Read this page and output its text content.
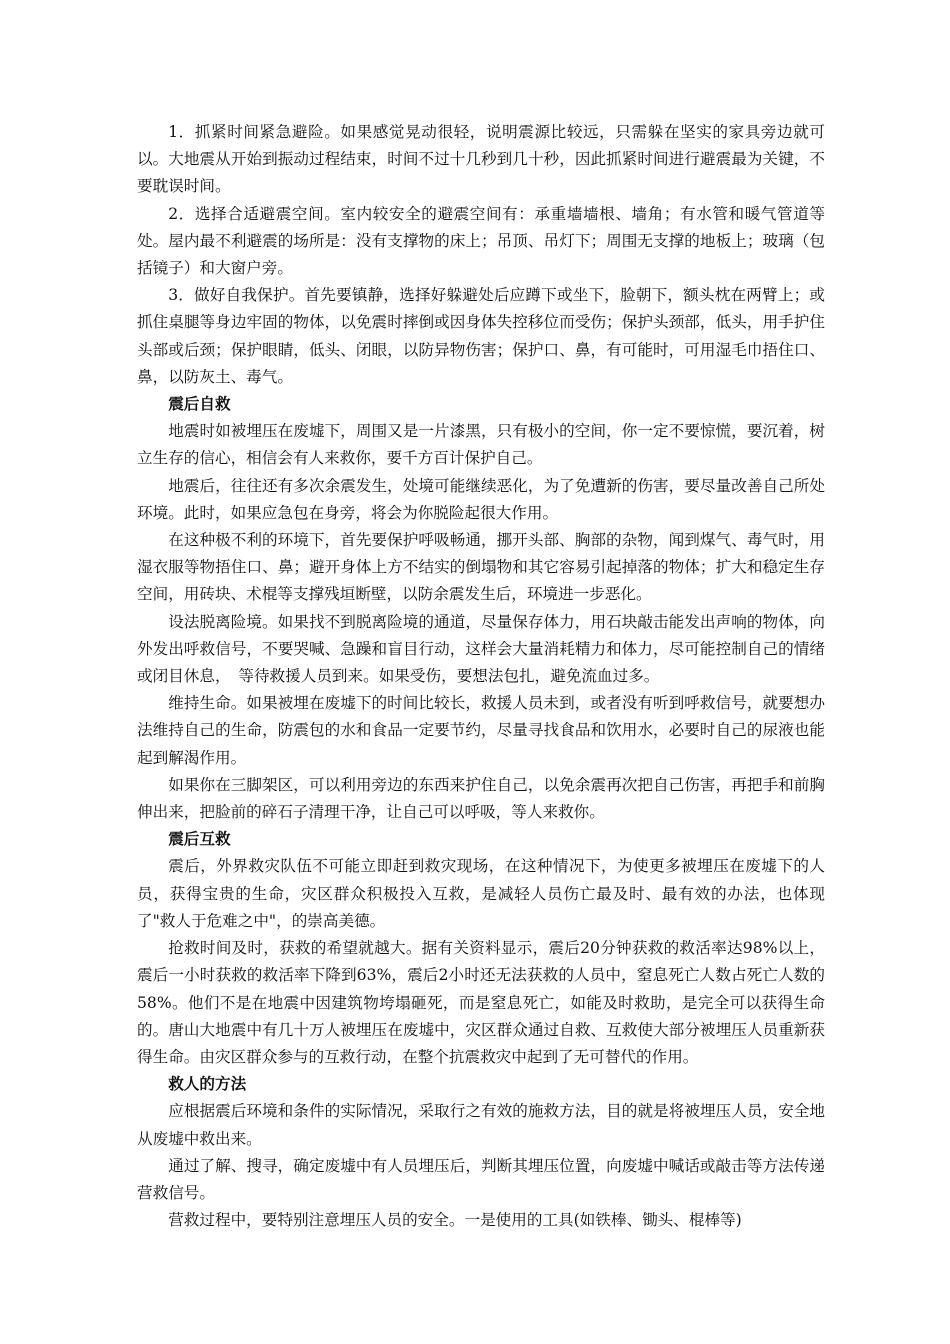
1．抓紧时间紧急避险。如果感觉晃动很轻，说明震源比较远，只需躲在坚实的家具旁边就可以。大地震从开始到振动过程结束，时间不过十几秒到几十秒，因此抓紧时间进行避震最为关键，不要耽误时间。

2．选择合适避震空间。室内较安全的避震空间有：承重墙墙根、墙角；有水管和暖气管道等处。屋内最不利避震的场所是：没有支撑物的床上；吊顶、吊灯下；周围无支撑的地板上；玻璃（包括镜子）和大窗户旁。

3．做好自我保护。首先要镇静，选择好躲避处后应蹲下或坐下，脸朝下，额头枕在两臂上；或抓住桌腿等身边牢固的物体，以免震时摔倒或因身体失控移位而受伤；保护头颈部，低头，用手护住头部或后颈；保护眼睛，低头、闭眼，以防异物伤害；保护口、鼻，有可能时，可用湿毛巾捂住口、鼻，以防灰土、毒气。

震后自救

地震时如被埋压在废墟下，周围又是一片漆黑，只有极小的空间，你一定不要惊慌，要沉着，树立生存的信心，相信会有人来救你，要千方百计保护自己。

地震后，往往还有多次余震发生，处境可能继续恶化，为了免遭新的伤害，要尽量改善自己所处环境。此时，如果应急包在身旁，将会为你脱险起很大作用。

在这种极不利的环境下，首先要保护呼吸畅通，挪开头部、胸部的杂物，闻到煤气、毒气时，用湿衣服等物捂住口、鼻；避开身体上方不结实的倒塌物和其它容易引起掉落的物体；扩大和稳定生存空间，用砖块、术棍等支撑残垣断壁，以防余震发生后，环境进一步恶化。

设法脱离险境。如果找不到脱离险境的通道，尽量保存体力，用石块敲击能发出声响的物体，向外发出呼救信号，不要哭喊、急躁和盲目行动，这样会大量消耗精力和体力，尽可能控制自己的情绪或闭目休息，　等待救援人员到来。如果受伤，要想法包扎，避免流血过多。

维持生命。如果被埋在废墟下的时间比较长，救援人员未到，或者没有听到呼救信号，就要想办法维持自己的生命，防震包的水和食品一定要节约，尽量寻找食品和饮用水，必要时自己的尿液也能起到解渴作用。

如果你在三脚架区，可以利用旁边的东西来护住自己，以免余震再次把自己伤害，再把手和前胸伸出来，把脸前的碎石子清理干净，让自己可以呼吸，等人来救你。

震后互救

震后，外界救灾队伍不可能立即赶到救灾现场，在这种情况下，为使更多被埋压在废墟下的人员，获得宝贵的生命，灾区群众积极投入互救，是减轻人员伤亡最及时、最有效的办法，也体现了"救人于危难之中"，的崇高美德。

抢救时间及时，获救的希望就越大。据有关资料显示，震后20分钟获救的救活率达98%以上，震后一小时获救的救活率下降到63%，震后2小时还无法获救的人员中，窒息死亡人数占死亡人数的58%。他们不是在地震中因建筑物垮塌砸死，而是窒息死亡，如能及时救助，是完全可以获得生命的。唐山大地震中有几十万人被埋压在废墟中，灾区群众通过自救、互救使大部分被埋压人员重新获得生命。由灾区群众参与的互救行动，在整个抗震救灾中起到了无可替代的作用。

救人的方法

应根据震后环境和条件的实际情况，采取行之有效的施救方法，目的就是将被埋压人员，安全地从废墟中救出来。

通过了解、搜寻，确定废墟中有人员埋压后，判断其埋压位置，向废墟中喊话或敲击等方法传递营救信号。

营救过程中，要特别注意埋压人员的安全。一是使用的工具(如铁棒、锄头、棍棒等)
